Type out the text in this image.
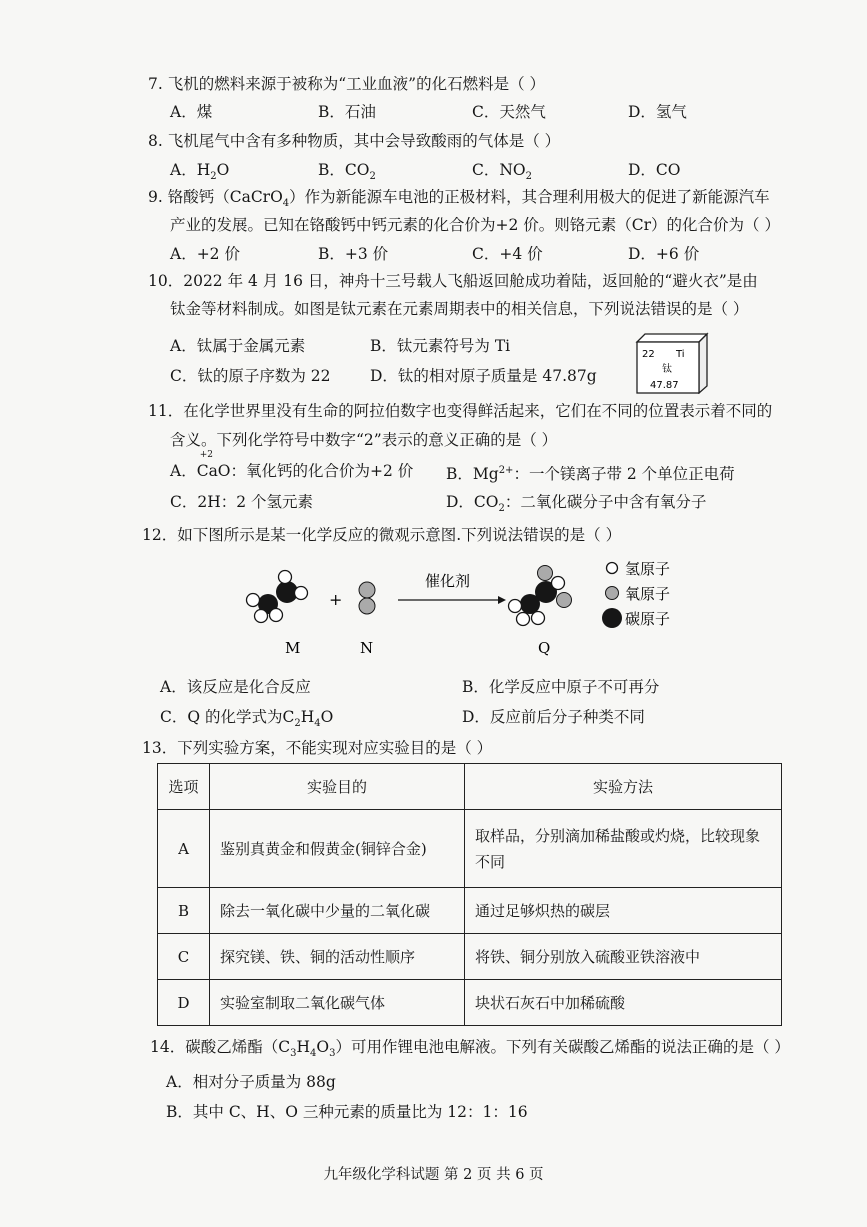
7. 飞机的燃料来源于被称为“工业血液”的化石燃料是（ ）
A．煤	B．石油	C．天然气	D．氢气
8. 飞机尾气中含有多种物质，其中会导致酸雨的气体是（ ）
A．$H_2O$	B．$CO_2$	C．$NO_2$	D．CO
9. 铬酸钙（CaCrO$_4$）作为新能源车电池的正极材料，其合理利用极大的促进了新能源汽车
产业的发展。已知在铬酸钙中钙元素的化合价为+2 价。则铬元素（Cr）的化合价为（ ）
A．+2 价	B．+3 价	C．+4 价	D．+6 价
10．2022 年 4 月 16 日，神舟十三号载人飞船返回舱成功着陆，返回舱的“避火衣”是由
钛金等材料制成。如图是钛元素在元素周期表中的相关信息，下列说法错误的是（ ）
A．钛属于金属元素	B．钛元素符号为 Ti
C．钛的原子序数为 22	D．钛的相对原子质量是 47.87g
22 Ti
钛
47.87
11．在化学世界里没有生命的阿拉伯数字也变得鲜活起来，它们在不同的位置表示着不同的
含义。下列化学符号中数字“2”表示的意义正确的是（ ）
A．
+2
CaO：氧化钙的化合价为+2 价 B．$Mg^{2+}$：一个镁离子带 2 个单位正电荷
C．2H：2 个氢元素	D．$CO_2$：二氧化碳分子中含有氧分子
12．如下图所示是某一化学反应的微观示意图.下列说法错误的是（ ）
+
催化剂
氢原子
氧原子
碳原子
M	N	Q
A．该反应是化合反应	B．化学反应中原子不可再分
C．Q 的化学式为$C_2H_4O$	D．反应前后分子种类不同
13．下列实验方案，不能实现对应实验目的是（ ）
选项	实验目的	实验方法
A	鉴别真黄金和假黄金(铜锌合金)	取样品，分别滴加稀盐酸或灼烧，比较现象不同
B	除去一氧化碳中少量的二氧化碳	通过足够炽热的碳层
C	探究镁、铁、铜的活动性顺序	将铁、铜分别放入硫酸亚铁溶液中
D	实验室制取二氧化碳气体	块状石灰石中加稀硫酸
14．碳酸乙烯酯$(C_3H_4O_3)$可用作锂电池电解液。下列有关碳酸乙烯酯的说法正确的是（ ）
A．相对分子质量为 88g
B．其中 C、H、O 三种元素的质量比为 12：1：16
九年级化学科试题 第 2 页 共 6 页
